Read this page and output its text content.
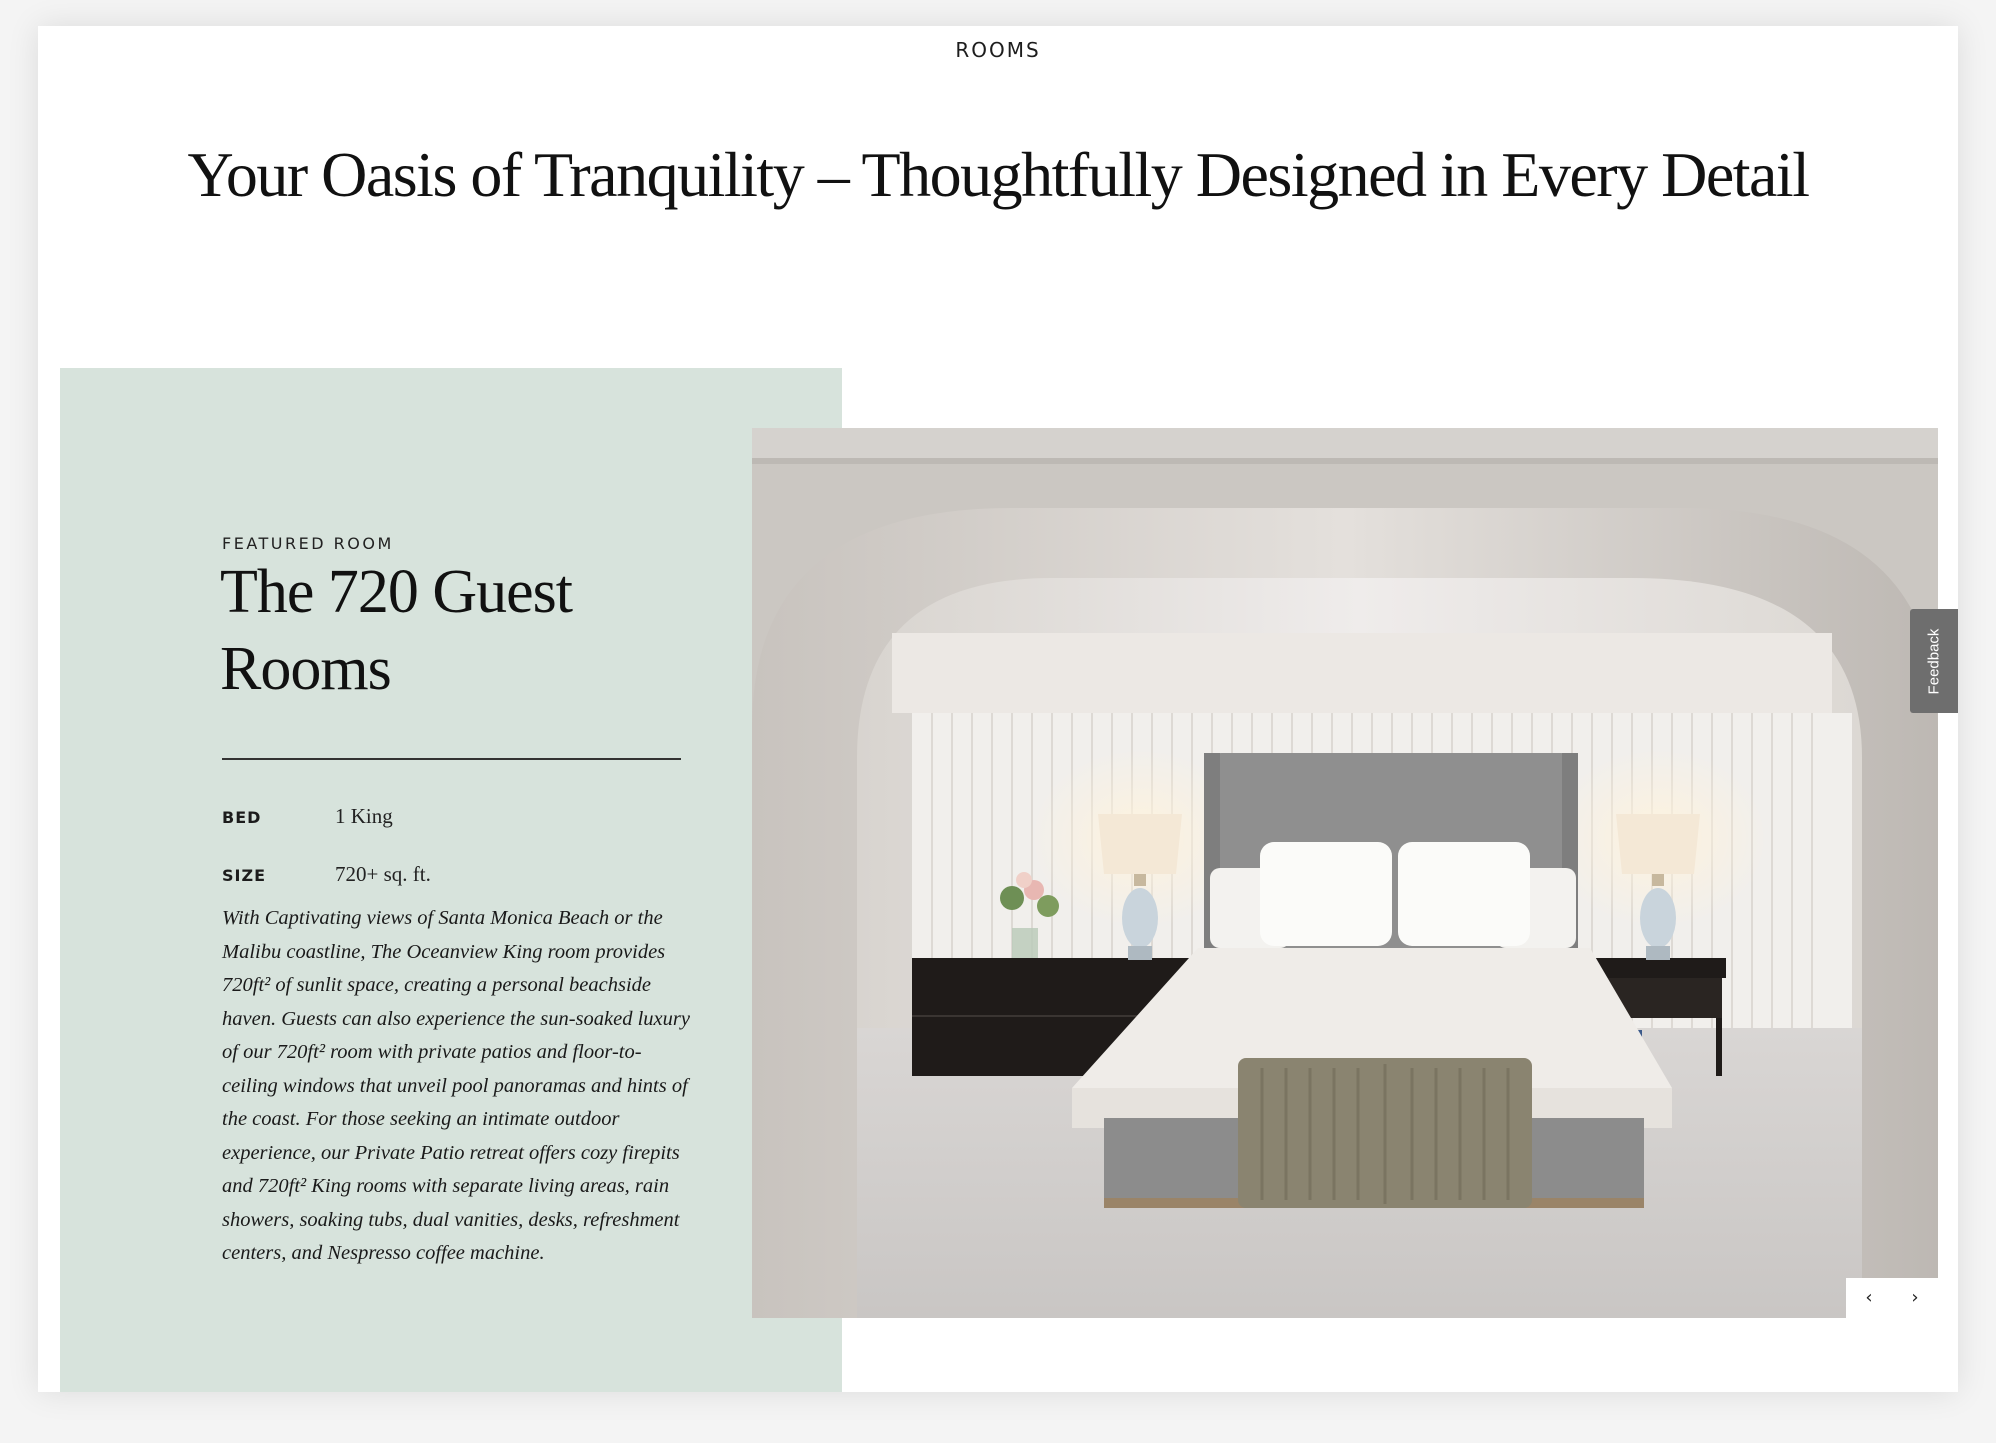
ROOMS
Your Oasis of Tranquility – Thoughtfully Designed in Every Detail
FEATURED ROOM
The 720 Guest Rooms
BED	1 King
SIZE	720+ sq. ft.

With Captivating views of Santa Monica Beach or the Malibu coastline, The Oceanview King room provides 720ft² of sunlit space, creating a personal beachside haven. Guests can also experience the sun-soaked luxury of our 720ft² room with private patios and floor-to-ceiling windows that unveil pool panoramas and hints of the coast. For those seeking an intimate outdoor experience, our Private Patio retreat offers cozy firepits and 720ft² King rooms with separate living areas, rain showers, soaking tubs, dual vanities, desks, refreshment centers, and Nespresso coffee machine.

‹	›
Feedback
